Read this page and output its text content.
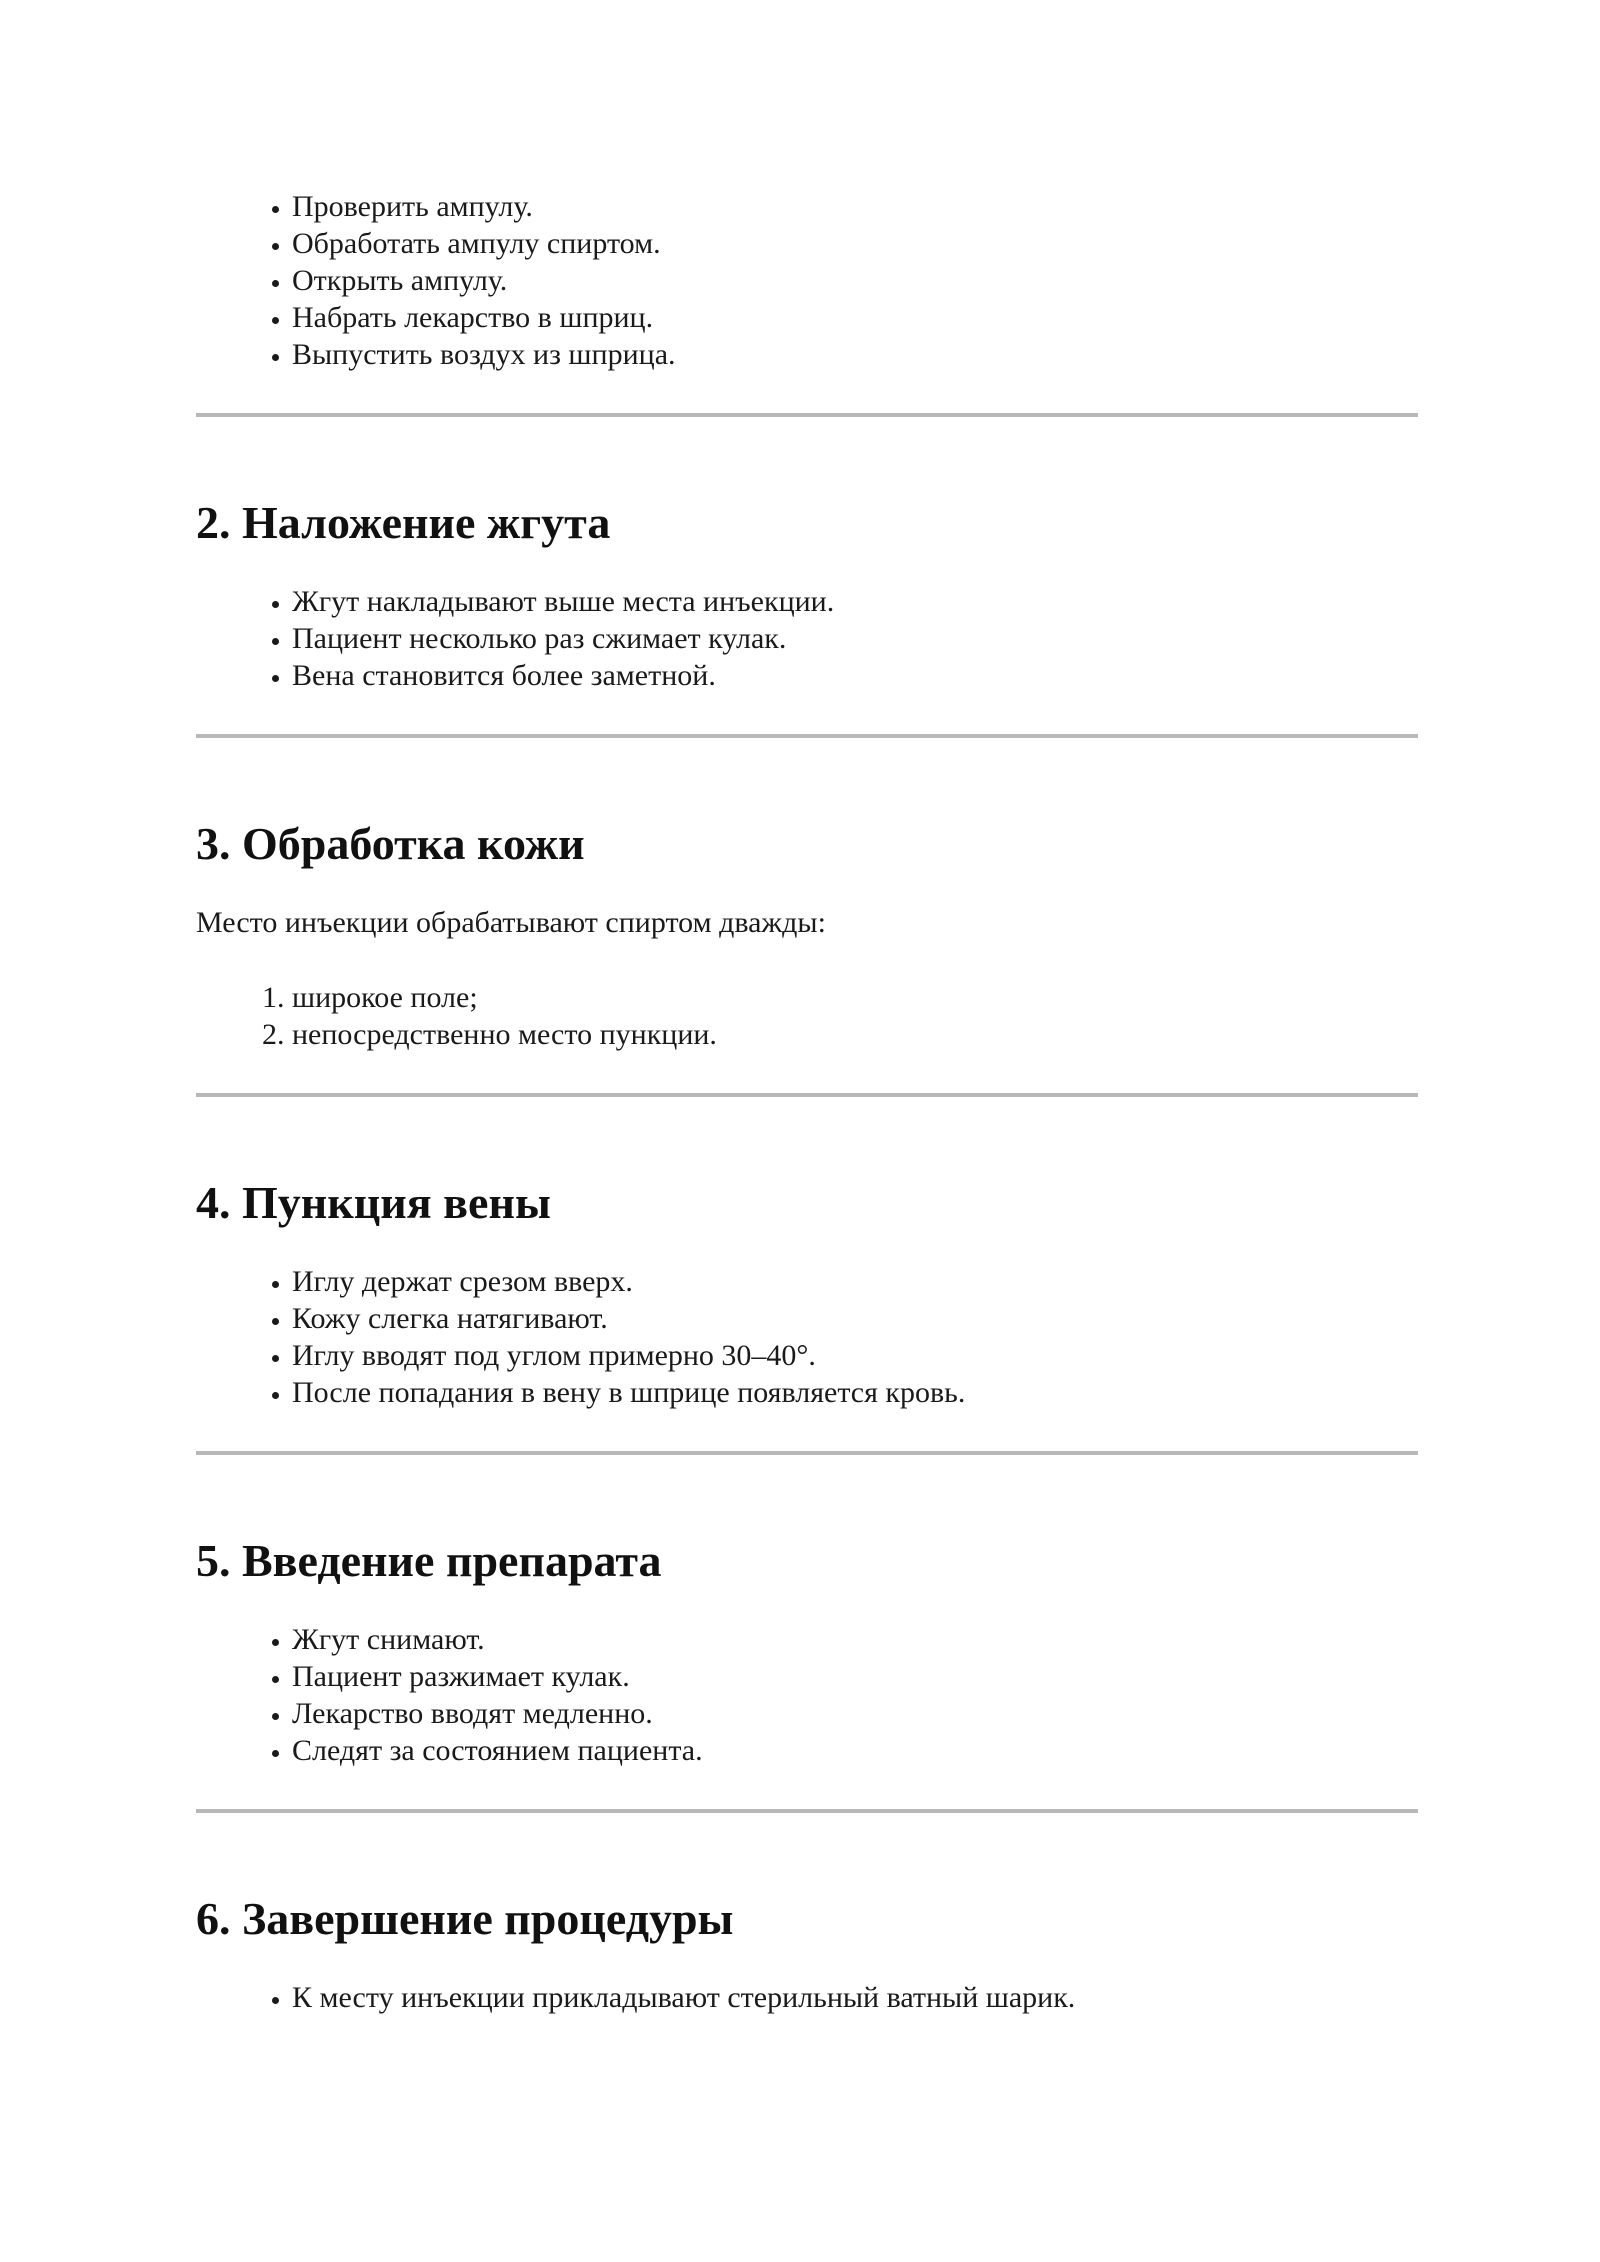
• Проверить ампулу.
• Обработать ампулу спиртом.
• Открыть ампулу.
• Набрать лекарство в шприц.
• Выпустить воздух из шприца.
2. Наложение жгута
• Жгут накладывают выше места инъекции.
• Пациент несколько раз сжимает кулак.
• Вена становится более заметной.
3. Обработка кожи

Место инъекции обрабатывают спиртом дважды:

1. широкое поле;
2. непосредственно место пункции.
4. Пункция вены
• Иглу держат срезом вверх.
• Кожу слегка натягивают.
• Иглу вводят под углом примерно 30–40°.
• После попадания в вену в шприце появляется кровь.
5. Введение препарата
• Жгут снимают.
• Пациент разжимает кулак.
• Лекарство вводят медленно.
• Следят за состоянием пациента.
6. Завершение процедуры
• К месту инъекции прикладывают стерильный ватный шарик.
